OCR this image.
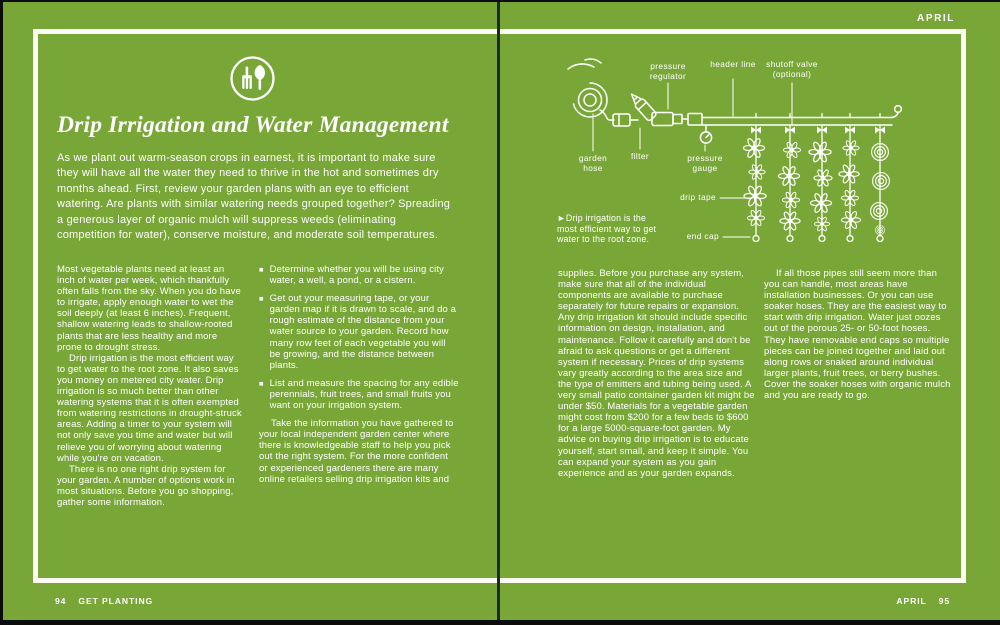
APRIL
Drip Irrigation and Water Management
As we plant out warm-season crops in earnest, it is important to make sure they will have all the water they need to thrive in the hot and sometimes dry months ahead. First, review your garden plans with an eye to efficient watering. Are plants with similar watering needs grouped together? Spreading a generous layer of organic mulch will suppress weeds (eliminating competition for water), conserve moisture, and moderate soil temperatures.

Most vegetable plants need at least an inch of water per week, which thankfully often falls from the sky. When you do have to irrigate, apply enough water to wet the soil deeply (at least 6 inches). Frequent, shallow watering leads to shallow-rooted plants that are less healthy and more prone to drought stress.

Drip irrigation is the most efficient way to get water to the root zone. It also saves you money on metered city water. Drip irrigation is so much better than other watering systems that it is often exempted from watering restrictions in drought-struck areas. Adding a timer to your system will not only save you time and water but will relieve you of worrying about watering while you're on vacation.

There is no one right drip system for your garden. A number of options work in most situations. Before you go shopping, gather some information.

■ Determine whether you will be using city water, a well, a pond, or a cistern.
■ Get out your measuring tape, or your garden map if it is drawn to scale, and do a rough estimate of the distance from your water source to your garden. Record how many row feet of each vegetable you will be growing, and the distance between plants.
■ List and measure the spacing for any edible perennials, fruit trees, and small fruits you want on your irrigation system.

Take the information you have gathered to your local independent garden center where there is knowledgeable staff to help you pick out the right system. For the more confident or experienced gardeners there are many online retailers selling drip irrigation kits and

pressure regulator
header line	shutoff valve (optional)
garden hose
filter	pressure gauge
drip tape
end cap
►Drip irrigation is the most efficient way to get water to the root zone.

supplies. Before you purchase any system, make sure that all of the individual components are available to purchase separately for future repairs or expansion. Any drip irrigation kit should include specific information on design, installation, and maintenance. Follow it carefully and don't be afraid to ask questions or get a different system if necessary. Prices of drip systems vary greatly according to the area size and the type of emitters and tubing being used. A very small patio container garden kit might be under $50. Materials for a vegetable garden might cost from $200 for a few beds to $600 for a large 5000-square-foot garden. My advice on buying drip irrigation is to educate yourself, start small, and keep it simple. You can expand your system as you gain experience and as your garden expands.

If all those pipes still seem more than you can handle, most areas have installation businesses. Or you can use soaker hoses. They are the easiest way to start with drip irrigation. Water just oozes out of the porous 25- or 50-foot hoses. They have removable end caps so multiple pieces can be joined together and laid out along rows or snaked around individual larger plants, fruit trees, or berry bushes. Cover the soaker hoses with organic mulch and you are ready to go.

94 GET PLANTING	APRIL 95
